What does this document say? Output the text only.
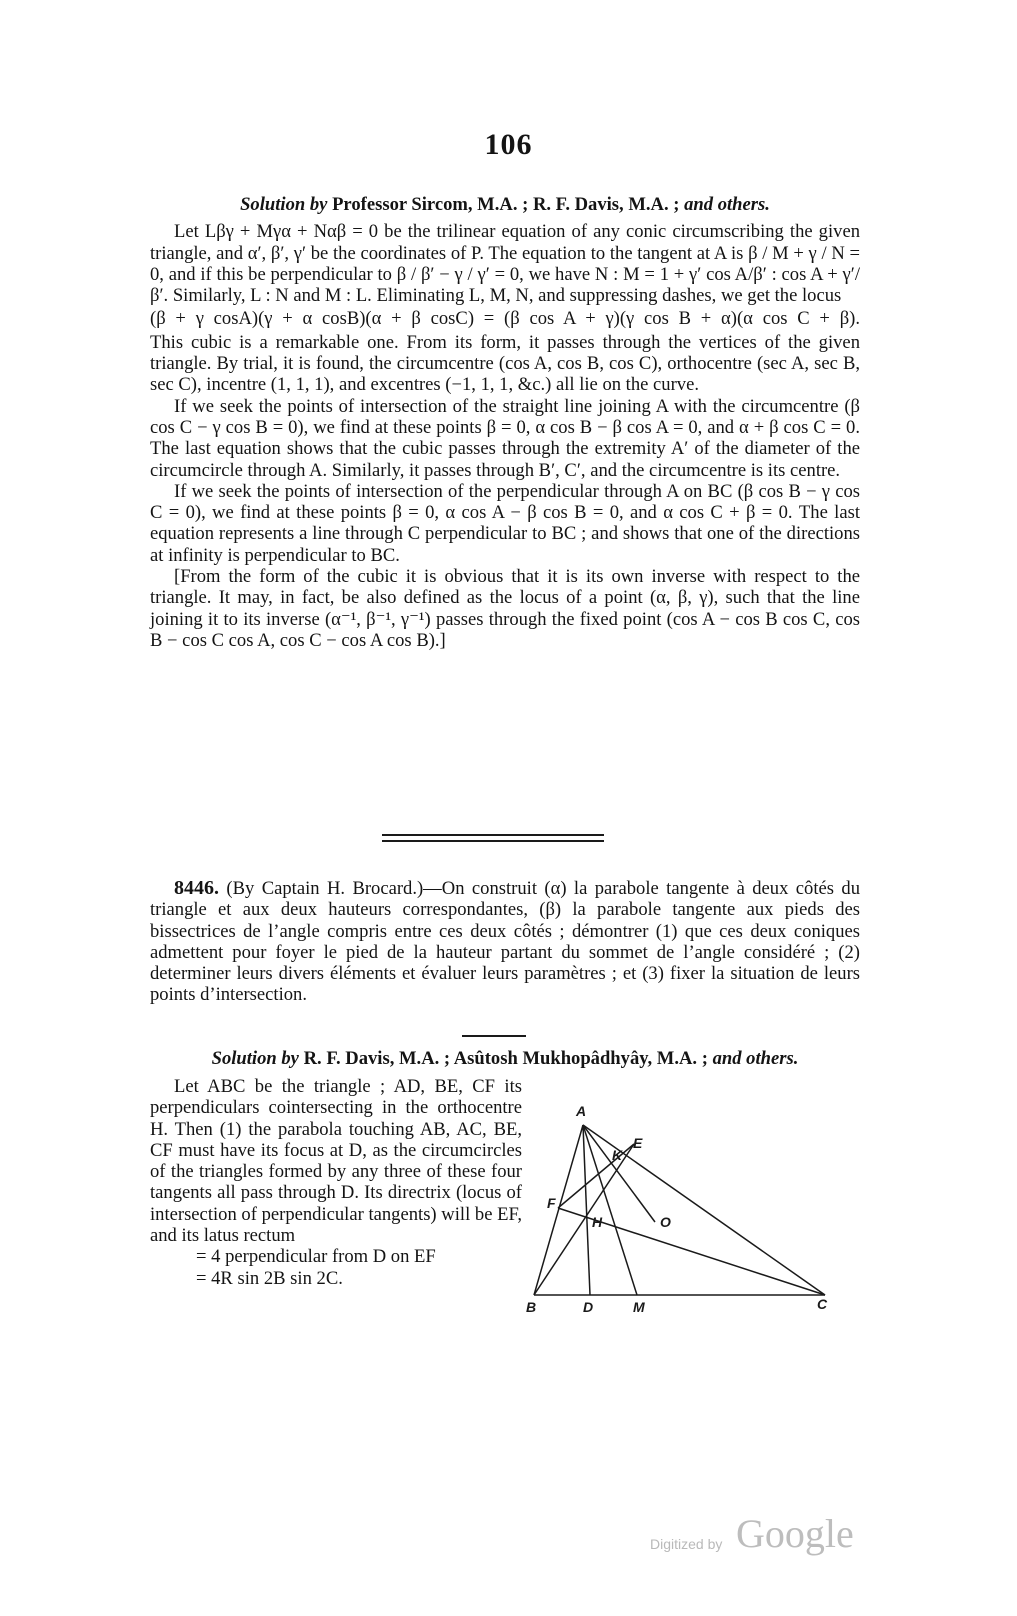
106

Solution by Professor Sircom, M.A. ; R. F. Davis, M.A. ; and others.

Let Lβγ + Mγα + Nαβ = 0 be the trilinear equation of any conic circumscribing the given triangle, and α′, β′, γ′ be the coordinates of P. The equation to the tangent at A is β / M + γ / N = 0, and if this be perpendicular to β / β′ − γ / γ′ = 0, we have N : M = 1 + γ′ cos A/β′ : cos A + γ′/β′. Similarly, L : N and M : L. Eliminating L, M, N, and suppressing dashes, we get the locus

(β + γ cosA)(γ + α cosB)(α + β cosC) = (β cos A + γ)(γ cos B + α)(α cos C + β).

This cubic is a remarkable one. From its form, it passes through the vertices of the given triangle. By trial, it is found, the circumcentre (cos A, cos B, cos C), orthocentre (sec A, sec B, sec C), incentre (1, 1, 1), and excentres (−1, 1, 1, &c.) all lie on the curve.

If we seek the points of intersection of the straight line joining A with the circumcentre (β cos C − γ cos B = 0), we find at these points β = 0, α cos B − β cos A = 0, and α + β cos C = 0. The last equation shows that the cubic passes through the extremity A′ of the diameter of the circumcircle through A. Similarly, it passes through B′, C′, and the circumcentre is its centre.

If we seek the points of intersection of the perpendicular through A on BC (β cos B − γ cos C = 0), we find at these points β = 0, α cos A − β cos B = 0, and α cos C + β = 0. The last equation represents a line through C perpendicular to BC ; and shows that one of the directions at infinity is perpendicular to BC.

[From the form of the cubic it is obvious that it is its own inverse with respect to the triangle. It may, in fact, be also defined as the locus of a point (α, β, γ), such that the line joining it to its inverse (α⁻¹, β⁻¹, γ⁻¹) passes through the fixed point (cos A − cos B cos C, cos B − cos C cos A, cos C − cos A cos B).]

8446. (By Captain H. Brocard.)—On construit (α) la parabole tangente à deux côtés du triangle et aux deux hauteurs correspondantes, (β) la parabole tangente aux pieds des bissectrices de l’angle compris entre ces deux côtés ; démontrer (1) que ces deux coniques admettent pour foyer le pied de la hauteur partant du sommet de l’angle considéré ; (2) determiner leurs divers éléments et évaluer leurs paramètres ; et (3) fixer la situation de leurs points d’intersection.

Solution by R. F. Davis, M.A. ; Asûtosh Mukhopâdhyây, M.A. ; and others.

Let ABC be the triangle ; AD, BE, CF its perpendiculars cointersecting in the orthocentre H. Then (1) the parabola touching AB, AC, BE, CF must have its focus at D, as the circumcircles of the triangles formed by any three of these four tangents all pass through D. Its directrix (locus of intersection of perpendicular tangents) will be EF, and its latus rectum

= 4 perpendicular from D on EF

= 4R sin 2B sin 2C.

A
B	C
D
E
F
H
K
M
O
Digitized by Google
